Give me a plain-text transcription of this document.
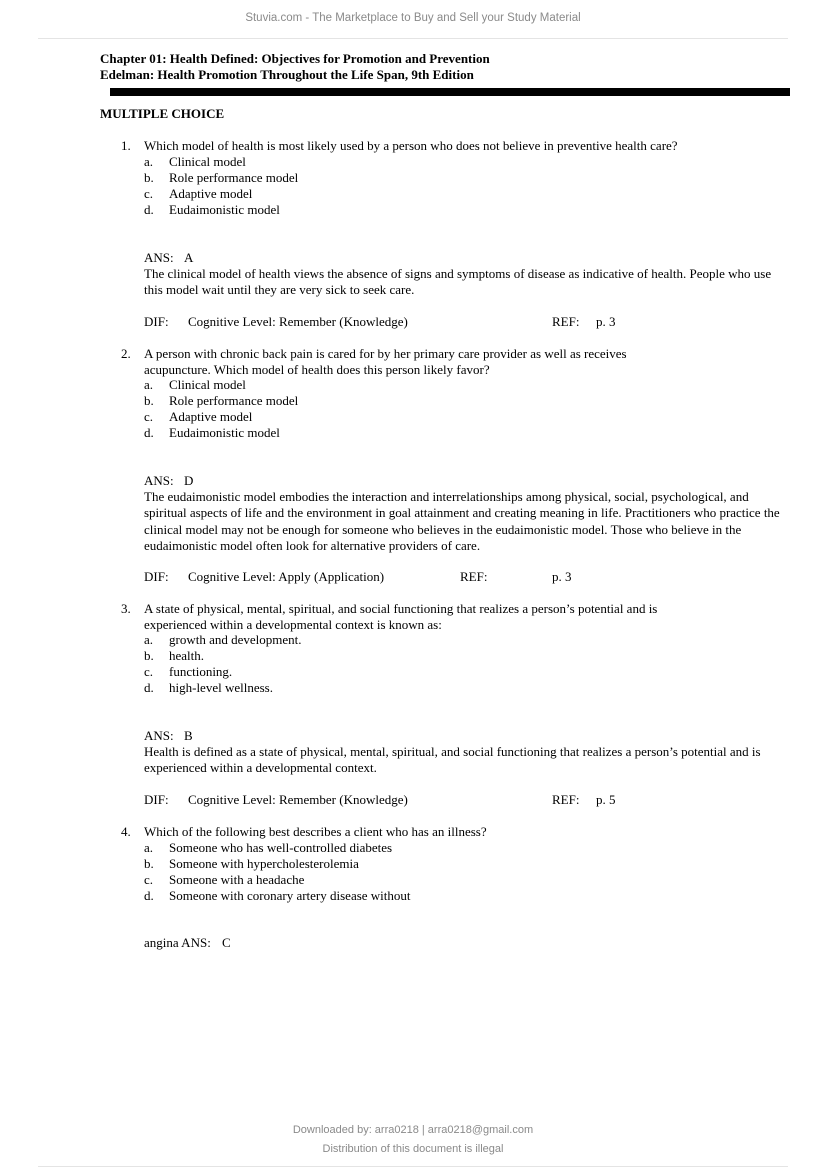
Stuvia.com - The Marketplace to Buy and Sell your Study Material
Chapter 01: Health Defined: Objectives for Promotion and Prevention
Edelman: Health Promotion Throughout the Life Span, 9th Edition
MULTIPLE CHOICE
1. Which model of health is most likely used by a person who does not believe in preventive health care?
a. Clinical model
b. Role performance model
c. Adaptive model
d. Eudaimonistic model
ANS: A
The clinical model of health views the absence of signs and symptoms of disease as indicative of health. People who use this model wait until they are very sick to seek care.
DIF: Cognitive Level: Remember (Knowledge)	REF: p. 3
2. A person with chronic back pain is cared for by her primary care provider as well as receives
acupuncture. Which model of health does this person likely favor?
a. Clinical model
b. Role performance model
c. Adaptive model
d. Eudaimonistic model
ANS: D
The eudaimonistic model embodies the interaction and interrelationships among physical, social, psychological, and spiritual aspects of life and the environment in goal attainment and creating meaning in life. Practitioners who practice the clinical model may not be enough for someone who believes in the eudaimonistic model. Those who believe in the eudaimonistic model often look for alternative providers of care.
DIF: Cognitive Level: Apply (Application)	REF:	p. 3
3. A state of physical, mental, spiritual, and social functioning that realizes a person’s potential and is
experienced within a developmental context is known as:
a. growth and development.
b. health.
c. functioning.
d. high-level wellness.
ANS: B
Health is defined as a state of physical, mental, spiritual, and social functioning that realizes a person’s potential and is experienced within a developmental context.
DIF: Cognitive Level: Remember (Knowledge)	REF: p. 5
4. Which of the following best describes a client who has an illness?
a. Someone who has well-controlled diabetes
b. Someone with hypercholesterolemia
c. Someone with a headache
d. Someone with coronary artery disease without
angina ANS: C
Downloaded by: arra0218 | arra0218@gmail.com
Distribution of this document is illegal
